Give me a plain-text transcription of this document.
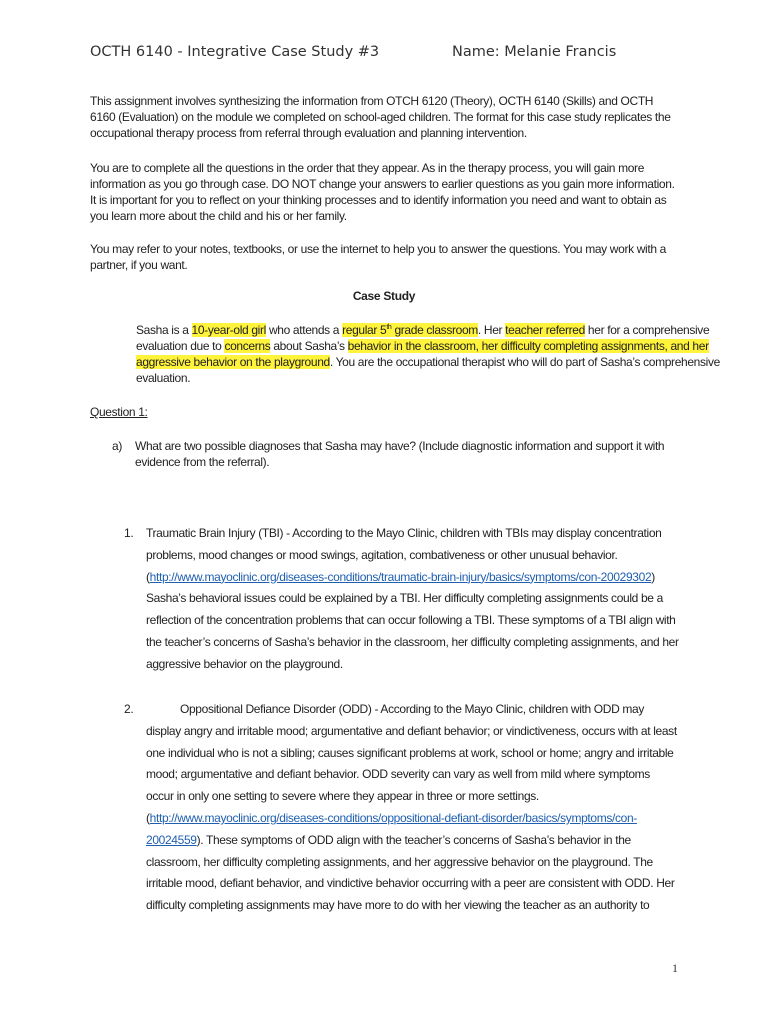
OCTH 6140 - Integrative Case Study #3	Name: Melanie Francis

This assignment involves synthesizing the information from OTCH 6120 (Theory), OCTH 6140 (Skills) and OCTH 6160 (Evaluation) on the module we completed on school-aged children. The format for this case study replicates the occupational therapy process from referral through evaluation and planning intervention.

You are to complete all the questions in the order that they appear. As in the therapy process, you will gain more information as you go through case. DO NOT change your answers to earlier questions as you gain more information. It is important for you to reflect on your thinking processes and to identify information you need and want to obtain as you learn more about the child and his or her family.

You may refer to your notes, textbooks, or use the internet to help you to answer the questions. You may work with a partner, if you want.

Case Study

Sasha is a 10-year-old girl who attends a regular 5th grade classroom. Her teacher referred her for a comprehensive evaluation due to concerns about Sasha’s behavior in the classroom, her difficulty completing assignments, and her aggressive behavior on the playground. You are the occupational therapist who will do part of Sasha’s comprehensive evaluation.

Question 1:

a)	What are two possible diagnoses that Sasha may have? (Include diagnostic information and support it with evidence from the referral).

1.	Traumatic Brain Injury (TBI) - According to the Mayo Clinic, children with TBIs may display concentration problems, mood changes or mood swings, agitation, combativeness or other unusual behavior. (http://www.mayoclinic.org/diseases-conditions/traumatic-brain-injury/basics/symptoms/con-20029302) Sasha’s behavioral issues could be explained by a TBI. Her difficulty completing assignments could be a reflection of the concentration problems that can occur following a TBI. These symptoms of a TBI align with the teacher’s concerns of Sasha’s behavior in the classroom, her difficulty completing assignments, and her aggressive behavior on the playground.

2.	Oppositional Defiance Disorder (ODD) - According to the Mayo Clinic, children with ODD may display angry and irritable mood; argumentative and defiant behavior; or vindictiveness, occurs with at least one individual who is not a sibling; causes significant problems at work, school or home; angry and irritable mood; argumentative and defiant behavior. ODD severity can vary as well from mild where symptoms occur in only one setting to severe where they appear in three or more settings. (http://www.mayoclinic.org/diseases-conditions/oppositional-defiant-disorder/basics/symptoms/con-20024559). These symptoms of ODD align with the teacher’s concerns of Sasha’s behavior in the classroom, her difficulty completing assignments, and her aggressive behavior on the playground. The irritable mood, defiant behavior, and vindictive behavior occurring with a peer are consistent with ODD. Her difficulty completing assignments may have more to do with her viewing the teacher as an authority to

1
